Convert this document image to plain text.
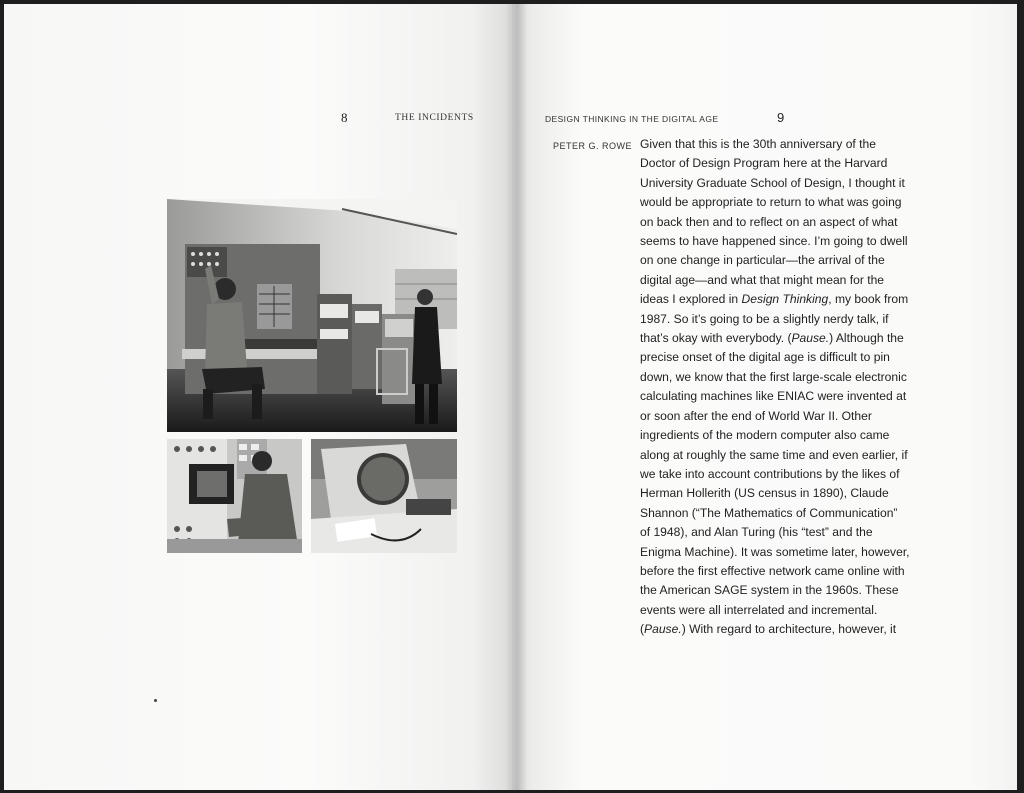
8	THE INCIDENTS	DESIGN THINKING IN THE DIGITAL AGE	9
PETER G. ROWE Given that this is the 30th anniversary of the
Doctor of Design Program here at the Harvard
University Graduate School of Design, I thought it
would be appropriate to return to what was going
on back then and to reflect on an aspect of what
seems to have happened since. I’m going to dwell
on one change in particular—the arrival of the
digital age—and what that might mean for the
ideas I explored in Design Thinking, my book from
1987. So it’s going to be a slightly nerdy talk, if
that’s okay with everybody. (Pause.) Although the
precise onset of the digital age is difficult to pin
down, we know that the first large-scale electronic
calculating machines like ENIAC were invented at
or soon after the end of World War II. Other
ingredients of the modern computer also came
along at roughly the same time and even earlier, if
we take into account contributions by the likes of
Herman Hollerith (US census in 1890), Claude
Shannon (“The Mathematics of Communication”
of 1948), and Alan Turing (his “test” and the
Enigma Machine). It was sometime later, however,
before the first effective network came online with
the American SAGE system in the 1960s. These
events were all interrelated and incremental.
(Pause.) With regard to architecture, however, it
